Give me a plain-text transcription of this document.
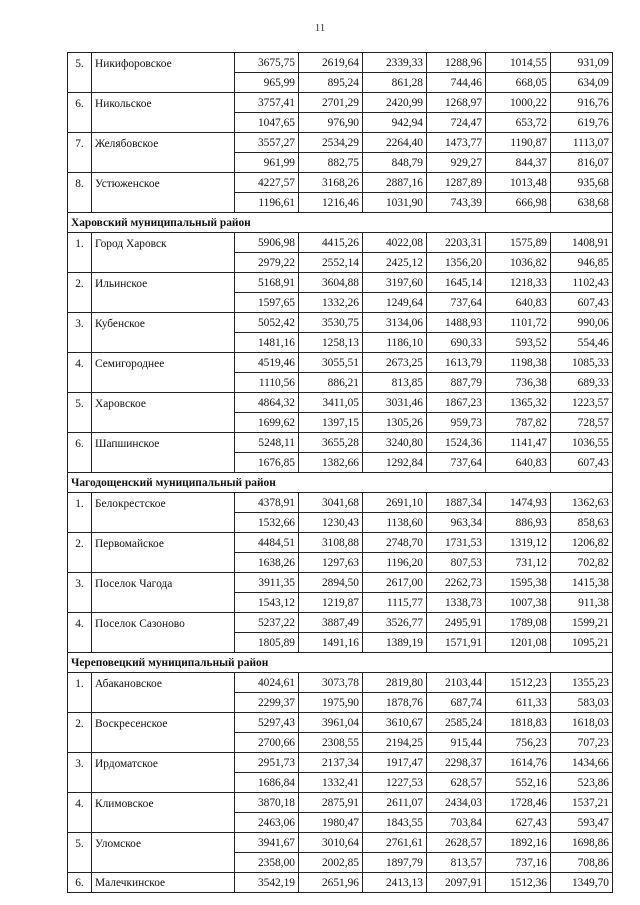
11
5.	Никифоровское	3675,75	2619,64	2339,33	1288,96	1014,55	931,09
		965,99	895,24	861,28	744,46	668,05	634,09
6.	Никольское	3757,41	2701,29	2420,99	1268,97	1000,22	916,76
		1047,65	976,90	942,94	724,47	653,72	619,76
7.	Желябовское	3557,27	2534,29	2264,40	1473,77	1190,87	1113,07
		961,99	882,75	848,79	929,27	844,37	816,07
8.	Устюженское	4227,57	3168,26	2887,16	1287,89	1013,48	935,68
		1196,61	1216,46	1031,90	743,39	666,98	638,68
Харовский муниципальный район							
1.	Город Харовск	5906,98	4415,26	4022,08	2203,31	1575,89	1408,91
		2979,22	2552,14	2425,12	1356,20	1036,82	946,85
2.	Ильинское	5168,91	3604,88	3197,60	1645,14	1218,33	1102,43
		1597,65	1332,26	1249,64	737,64	640,83	607,43
3.	Кубенское	5052,42	3530,75	3134,06	1488,93	1101,72	990,06
		1481,16	1258,13	1186,10	690,33	593,52	554,46
4.	Семигороднее	4519,46	3055,51	2673,25	1613,79	1198,38	1085,33
		1110,56	886,21	813,85	887,79	736,38	689,33
5.	Харовское	4864,32	3411,05	3031,46	1867,23	1365,32	1223,57
		1699,62	1397,15	1305,26	959,73	787,82	728,57
6.	Шапшинское	5248,11	3655,28	3240,80	1524,36	1141,47	1036,55
		1676,85	1382,66	1292,84	737,64	640,83	607,43
Чагодощенский муниципальный район							
1.	Белокрестское	4378,91	3041,68	2691,10	1887,34	1474,93	1362,63
		1532,66	1230,43	1138,60	963,34	886,93	858,63
2.	Первомайское	4484,51	3108,88	2748,70	1731,53	1319,12	1206,82
		1638,26	1297,63	1196,20	807,53	731,12	702,82
3.	Поселок Чагода	3911,35	2894,50	2617,00	2262,73	1595,38	1415,38
		1543,12	1219,87	1115,77	1338,73	1007,38	911,38
4.	Поселок Сазоново	5237,22	3887,49	3526,77	2495,91	1789,08	1599,21
		1805,89	1491,16	1389,19	1571,91	1201,08	1095,21
Череповецкий муниципальный район							
1.	Абакановское	4024,61	3073,78	2819,80	2103,44	1512,23	1355,23
		2299,37	1975,90	1878,76	687,74	611,33	583,03
2.	Воскресенское	5297,43	3961,04	3610,67	2585,24	1818,83	1618,03
		2700,66	2308,55	2194,25	915,44	756,23	707,23
3.	Ирдоматское	2951,73	2137,34	1917,47	2298,37	1614,76	1434,66
		1686,84	1332,41	1227,53	628,57	552,16	523,86
4.	Климовское	3870,18	2875,91	2611,07	2434,03	1728,46	1537,21
		2463,06	1980,47	1843,55	703,84	627,43	593,47
5.	Уломское	3941,67	3010,64	2761,61	2628,57	1892,16	1698,86
		2358,00	2002,85	1897,79	813,57	737,16	708,86
6.	Малечкинское	3542,19	2651,96	2413,13	2097,91	1512,36	1349,70
